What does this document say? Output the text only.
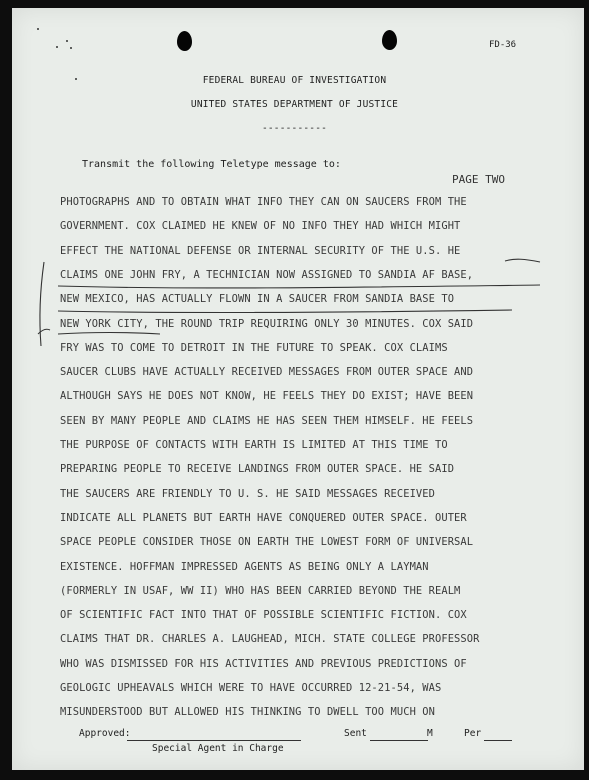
FD-36
FEDERAL BUREAU OF INVESTIGATION
UNITED STATES DEPARTMENT OF JUSTICE
-----------
Transmit the following Teletype message to:
PAGE TWO
PHOTOGRAPHS AND TO OBTAIN WHAT INFO THEY CAN ON SAUCERS FROM THE
GOVERNMENT. COX CLAIMED HE KNEW OF NO INFO THEY HAD WHICH MIGHT
EFFECT THE NATIONAL DEFENSE OR INTERNAL SECURITY OF THE U.S. HE
CLAIMS ONE JOHN FRY, A TECHNICIAN NOW ASSIGNED TO SANDIA AF BASE,
NEW MEXICO, HAS ACTUALLY FLOWN IN A SAUCER FROM SANDIA BASE TO
NEW YORK CITY, THE ROUND TRIP REQUIRING ONLY 30 MINUTES. COX SAID
FRY WAS TO COME TO DETROIT IN THE FUTURE TO SPEAK. COX CLAIMS
SAUCER CLUBS HAVE ACTUALLY RECEIVED MESSAGES FROM OUTER SPACE AND
ALTHOUGH SAYS HE DOES NOT KNOW, HE FEELS THEY DO EXIST; HAVE BEEN
SEEN BY MANY PEOPLE AND CLAIMS HE HAS SEEN THEM HIMSELF. HE FEELS
THE PURPOSE OF CONTACTS WITH EARTH IS LIMITED AT THIS TIME TO
PREPARING PEOPLE TO RECEIVE LANDINGS FROM OUTER SPACE. HE SAID
THE SAUCERS ARE FRIENDLY TO U. S. HE SAID MESSAGES RECEIVED
INDICATE ALL PLANETS BUT EARTH HAVE CONQUERED OUTER SPACE. OUTER
SPACE PEOPLE CONSIDER THOSE ON EARTH THE LOWEST FORM OF UNIVERSAL
EXISTENCE. HOFFMAN IMPRESSED AGENTS AS BEING ONLY A LAYMAN
(FORMERLY IN USAF, WW II) WHO HAS BEEN CARRIED BEYOND THE REALM
OF SCIENTIFIC FACT INTO THAT OF POSSIBLE SCIENTIFIC FICTION. COX
CLAIMS THAT DR. CHARLES A. LAUGHEAD, MICH. STATE COLLEGE PROFESSOR
WHO WAS DISMISSED FOR HIS ACTIVITIES AND PREVIOUS PREDICTIONS OF
GEOLOGIC UPHEAVALS WHICH WERE TO HAVE OCCURRED 12-21-54, WAS
MISUNDERSTOOD BUT ALLOWED HIS THINKING TO DWELL TOO MUCH ON
Approved:
Special Agent in Charge
Sent	M	Per
